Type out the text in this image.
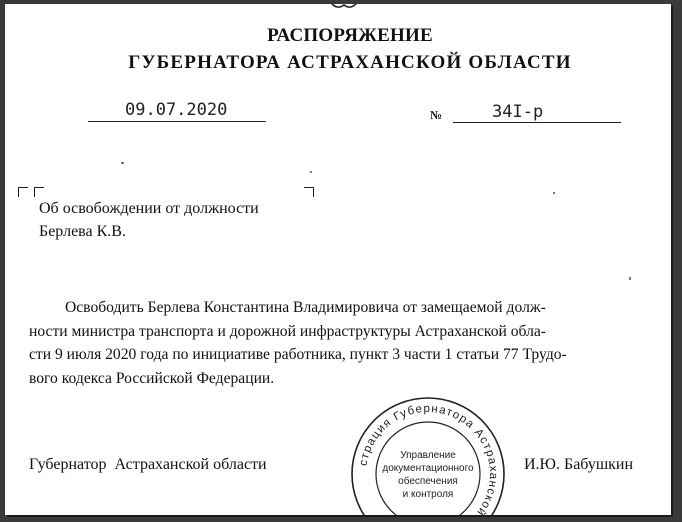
РАСПОРЯЖЕНИЕ
ГУБЕРНАТОРА АСТРАХАНСКОЙ ОБЛАСТИ
09.07.2020	№	34I-р
Об освобождении от должности
Берлева К.В.
Освободить Берлева Константина Владимировича от замещаемой долж-
ности министра транспорта и дорожной инфраструктуры Астраханской обла-
сти 9 июля 2020 года по инициативе работника, пункт 3 части 1 статьи 77 Трудо-
вого кодекса Российской Федерации.
Губернатор  Астраханской области	И.Ю. Бабушкин
страция Губернатора Астраханской
Управление
документационного
обеспечения
и контроля
